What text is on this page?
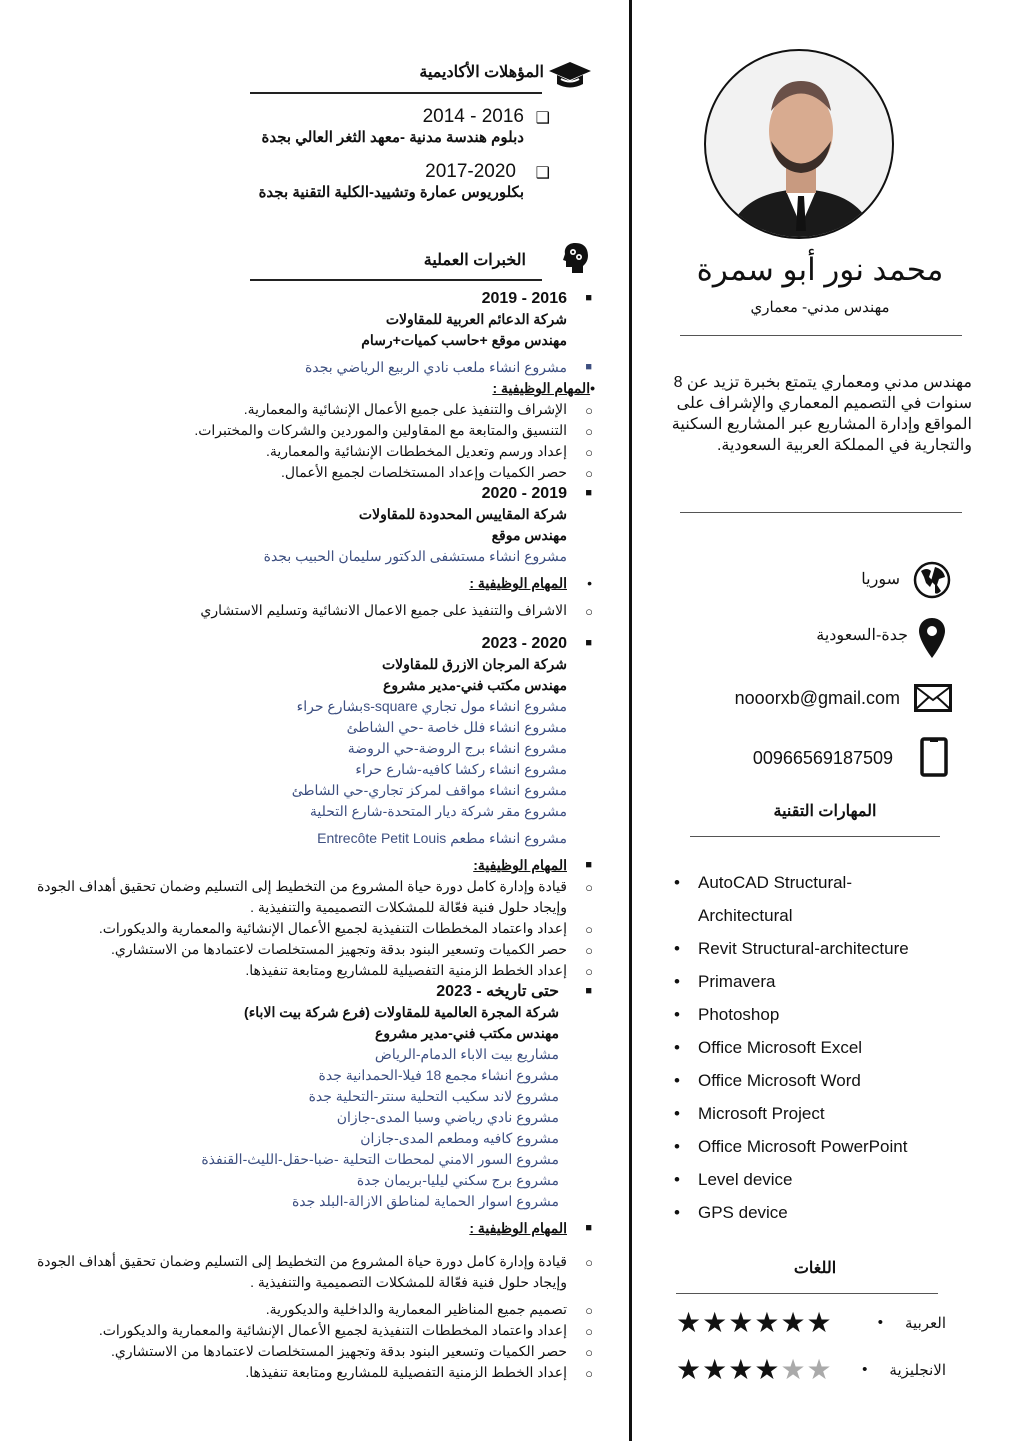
المؤهلات الأكاديمية
❑
2014 - 2016
دبلوم هندسة مدنية -معهد الثغر العالي بجدة
❑
2017-2020
بكلوريوس عمارة وتشييد-الكلية التقنية بجدة
الخبرات العملية
■
2016 - 2019
شركة الدعائم العربية للمقاولات
مهندس موقع +حاسب كميات+رسام
■
مشروع انشاء ملعب نادي الربيع الرياضي بجدة
•المهام الوظيفية :
○
الإشراف والتنفيذ على جميع الأعمال الإنشائية والمعمارية.
○
التنسيق والمتابعة مع المقاولين والموردين والشركات والمختبرات.
○
إعداد ورسم وتعديل المخططات الإنشائية والمعمارية.
○
حصر الكميات وإعداد المستخلصات لجميع الأعمال.
■
2019 - 2020
شركة المقاييس المحدودة للمقاولات
مهندس موقع
مشروع انشاء مستشفى الدكتور سليمان الحبيب بجدة
•
المهام الوظيفية :
○
الاشراف والتنفيذ على جميع الاعمال الانشائية وتسليم الاستشاري
■
2020 - 2023
شركة المرجان الازرق للمقاولات
مهندس مكتب فني-مدير مشروع
مشروع انشاء مول تجاري s-squareبشارع حراء
مشروع انشاء فلل خاصة -حي الشاطئ
مشروع انشاء برج الروضة-حي الروضة
مشروع انشاء ركشا كافيه-شارع حراء
مشروع انشاء مواقف لمركز تجاري-حي الشاطئ
مشروع مقر شركة ديار المتحدة-شارع التحلية
مشروع انشاء مطعم Entrecôte Petit Louis
■
المهام الوظيفية:
○
قيادة وإدارة كامل دورة حياة المشروع من التخطيط إلى التسليم وضمان تحقيق أهداف الجودة وإيجاد حلول فنية فعّالة للمشكلات التصميمية والتنفيذية .
○
إعداد واعتماد المخططات التنفيذية لجميع الأعمال الإنشائية والمعمارية والديكورات.
○
حصر الكميات وتسعير البنود بدقة وتجهيز المستخلصات لاعتمادها من الاستشاري.
○
إعداد الخطط الزمنية التفصيلية للمشاريع ومتابعة تنفيذها.
■
حتى تاريخه - 2023
شركة المجرة العالمية للمقاولات (فرع شركة بيت الاباء)
مهندس مكتب فني-مدير مشروع
مشاريع بيت الاباء الدمام-الرياض
مشروع انشاء مجمع 18 فيلا-الحمدانية جدة
مشروع لاند سكيب التحلية سنتر-التحلية جدة
مشروع نادي رياضي وسبا المدى-جازان
مشروع كافيه ومطعم المدى-جازان
مشروع السور الامني لمحطات التحلية -ضبا-حقل-الليث-القنفذة
مشروع برج سكني ليليا-بريمان جدة
مشروع اسوار الحماية لمناطق الازالة-البلد جدة
■
المهام الوظيفية :
○
قيادة وإدارة كامل دورة حياة المشروع من التخطيط إلى التسليم وضمان تحقيق أهداف الجودة وإيجاد حلول فنية فعّالة للمشكلات التصميمية والتنفيذية .
○
تصميم جميع المناظير المعمارية والداخلية والديكورية.
○
إعداد واعتماد المخططات التنفيذية لجميع الأعمال الإنشائية والمعمارية والديكورات.
○
حصر الكميات وتسعير البنود بدقة وتجهيز المستخلصات لاعتمادها من الاستشاري.
○
إعداد الخطط الزمنية التفصيلية للمشاريع ومتابعة تنفيذها.
محمد نور أبو سمرة
مهندس مدني- معماري
مهندس مدني ومعماري يتمتع بخبرة تزيد عن 8 سنوات في التصميم المعماري والإشراف على المواقع وإدارة المشاريع عبر المشاريع السكنية والتجارية في المملكة العربية السعودية.
سوريا
جدة-السعودية
nooorxb@gmail.com
00966569187509
المهارات التقنية
• AutoCAD Structural-Architectural
• Revit Structural-architecture
• Primavera
• Photoshop
• Office Microsoft Excel
• Office Microsoft Word
• Microsoft Project
• Office Microsoft PowerPoint
• Level device
• GPS device
اللغات
العربية
•
★★★★★★
الانجليزية
•
★★★★★★
